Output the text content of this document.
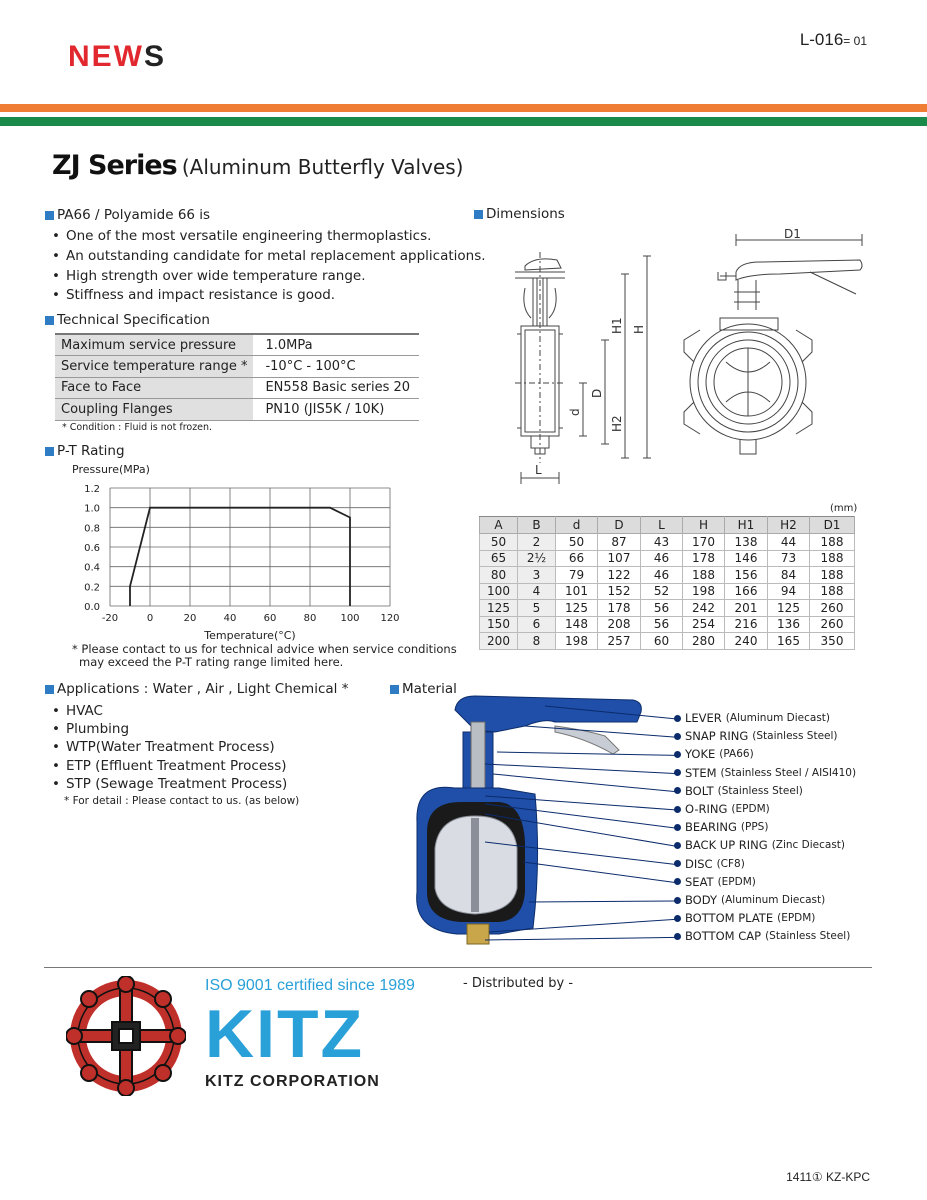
NEWS
L-016= 01
ZJ Series (Aluminum Butterfly Valves)
PA66 / Polyamide 66 is
• One of the most versatile engineering thermoplastics.
• An outstanding candidate for metal replacement applications.
• High strength over wide temperature range.
• Stiffness and impact resistance is good.
Technical Specification
Maximum service pressure	1.0MPa
Service temperature range *	-10°C - 100°C
Face to Face	EN558 Basic series 20
Coupling Flanges	PN10 (JIS5K / 10K)
* Condition : Fluid is not frozen.
P-T Rating
-20	0	20	40	60	80 100 120
0.0
0.2
0.4
0.6
0.8
1.0
1.2
Pressure(MPa)
Temperature(°C)
* Please contact to us for technical advice when service conditions
may exceed the P-T rating range limited here.
Dimensions
d
D
H1
H2
H
L
D1
(mm)
A	B	d	D	L	H	H1	H2	D1
50	2	50	87	43	170	138	44	188
65	2½	66	107	46	178	146	73	188
80	3	79	122	46	188	156	84	188
100	4	101	152	52	198	166	94	188
125	5	125	178	56	242	201	125	260
150	6	148	208	56	254	216	136	260
200	8	198	257	60	280	240	165	350
Applications : Water , Air , Light Chemical *
• HVAC
• Plumbing
• WTP(Water Treatment Process)
• ETP (Effluent Treatment Process)
• STP (Sewage Treatment Process)
* For detail : Please contact to us. (as below)
Material
LEVER (Aluminum Diecast)
SNAP RING (Stainless Steel)
YOKE (PA66)
STEM (Stainless Steel / AISI410)
BOLT (Stainless Steel)
O-RING (EPDM)
BEARING (PPS)
BACK UP RING (Zinc Diecast)
DISC (CF8)
SEAT (EPDM)
BODY (Aluminum Diecast)
BOTTOM PLATE (EPDM)
BOTTOM CAP (Stainless Steel)
ISO 9001 certified since 1989
KITZ
KITZ CORPORATION
- Distributed by -
1411① KZ-KPC
